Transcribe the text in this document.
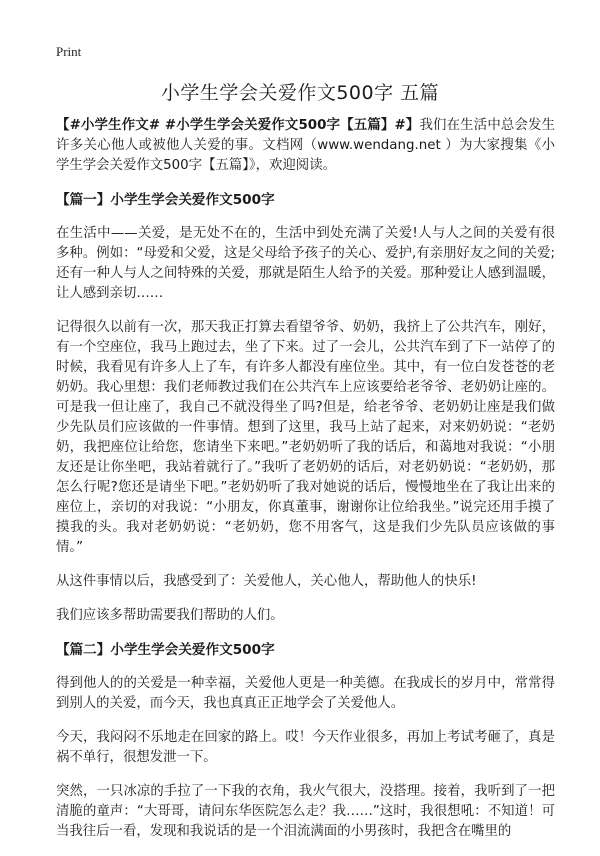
Print
小学生学会关爱作文500字 五篇

【#小学生作文# #小学生学会关爱作文500字【五篇】#】我们在生活中总会发生许多关心他人或被他人关爱的事。文档网（www.wendang.net ）为大家搜集《小学生学会关爱作文500字【五篇】》，欢迎阅读。

【篇一】小学生学会关爱作文500字

在生活中——关爱，是无处不在的，生活中到处充满了关爱!人与人之间的关爱有很多种。例如：“母爱和父爱，这是父母给予孩子的关心、爱护,有亲朋好友之间的关爱;还有一种人与人之间特殊的关爱，那就是陌生人给予的关爱。那种爱让人感到温暖，让人感到亲切……

记得很久以前有一次，那天我正打算去看望爷爷、奶奶，我挤上了公共汽车，刚好，有一个空座位，我马上跑过去，坐了下来。过了一会儿，公共汽车到了下一站停了的时候，我看见有许多人上了车，有许多人都没有座位坐。其中，有一位白发苍苍的老奶奶。我心里想：我们老师教过我们在公共汽车上应该要给老爷爷、老奶奶让座的。可是我一但让座了，我自己不就没得坐了吗?但是，给老爷爷、老奶奶让座是我们做少先队员们应该做的一件事情。想到了这里，我马上站了起来，对来奶奶说：“老奶奶，我把座位让给您，您请坐下来吧。”老奶奶听了我的话后，和蔼地对我说：“小朋友还是让你坐吧，我站着就行了。”我听了老奶奶的话后，对老奶奶说：“老奶奶，那怎么行呢?您还是请坐下吧。”老奶奶听了我对她说的话后，慢慢地坐在了我让出来的座位上，亲切的对我说：“小朋友，你真董事，谢谢你让位给我坐。”说完还用手摸了摸我的头。我对老奶奶说：“老奶奶，您不用客气，这是我们少先队员应该做的事情。”

从这件事情以后，我感受到了：关爱他人，关心他人，帮助他人的快乐!

我们应该多帮助需要我们帮助的人们。

【篇二】小学生学会关爱作文500字

得到他人的的关爱是一种幸福，关爱他人更是一种美德。在我成长的岁月中，常常得到别人的关爱，而今天，我也真真正正地学会了关爱他人。

今天，我闷闷不乐地走在回家的路上。哎！今天作业很多，再加上考试考砸了，真是祸不单行，很想发泄一下。

突然，一只冰凉的手拉了一下我的衣角，我火气很大，没搭理。接着，我听到了一把清脆的童声：“大哥哥，请问东华医院怎么走？我……”这时，我很想吼：不知道！可当我往后一看，发现和我说话的是一个泪流满面的小男孩时，我把含在嘴里的
